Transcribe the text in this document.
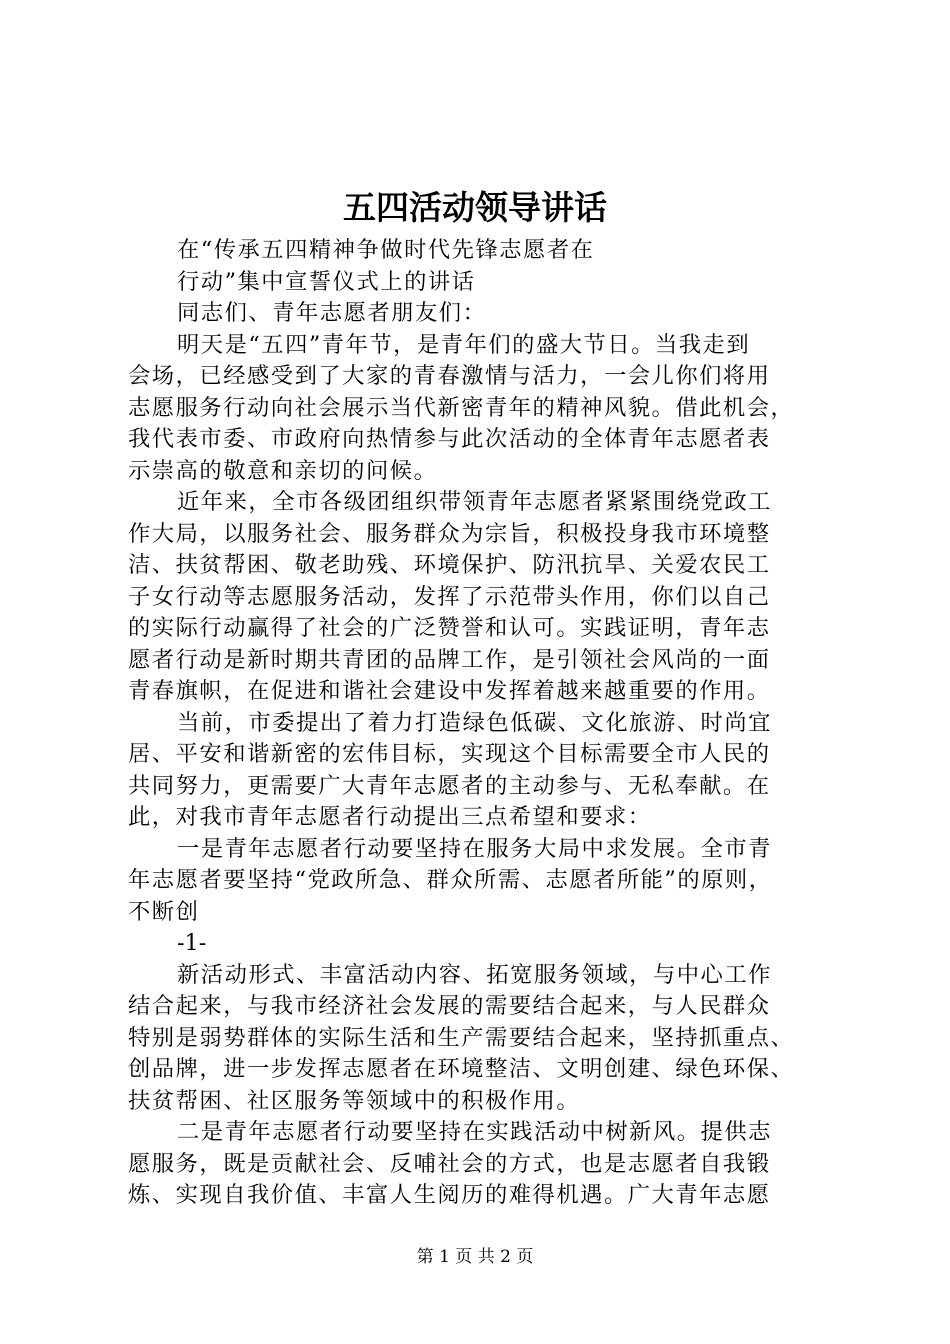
五四活动领导讲话
在“传承五四精神争做时代先锋志愿者在
行动”集中宣誓仪式上的讲话
同志们、青年志愿者朋友们：
明天是“五四”青年节，是青年们的盛大节日。当我走到
会场，已经感受到了大家的青春激情与活力，一会儿你们将用
志愿服务行动向社会展示当代新密青年的精神风貌。借此机会，
我代表市委、市政府向热情参与此次活动的全体青年志愿者表
示崇高的敬意和亲切的问候。
近年来，全市各级团组织带领青年志愿者紧紧围绕党政工
作大局，以服务社会、服务群众为宗旨，积极投身我市环境整
洁、扶贫帮困、敬老助残、环境保护、防汛抗旱、关爱农民工
子女行动等志愿服务活动，发挥了示范带头作用，你们以自己
的实际行动赢得了社会的广泛赞誉和认可。实践证明，青年志
愿者行动是新时期共青团的品牌工作，是引领社会风尚的一面
青春旗帜，在促进和谐社会建设中发挥着越来越重要的作用。
当前，市委提出了着力打造绿色低碳、文化旅游、时尚宜
居、平安和谐新密的宏伟目标，实现这个目标需要全市人民的
共同努力，更需要广大青年志愿者的主动参与、无私奉献。在
此，对我市青年志愿者行动提出三点希望和要求：
一是青年志愿者行动要坚持在服务大局中求发展。全市青
年志愿者要坚持“党政所急、群众所需、志愿者所能”的原则，
不断创
-1-
新活动形式、丰富活动内容、拓宽服务领域，与中心工作
结合起来，与我市经济社会发展的需要结合起来，与人民群众
特别是弱势群体的实际生活和生产需要结合起来，坚持抓重点、
创品牌，进一步发挥志愿者在环境整洁、文明创建、绿色环保、
扶贫帮困、社区服务等领域中的积极作用。
二是青年志愿者行动要坚持在实践活动中树新风。提供志
愿服务，既是贡献社会、反哺社会的方式，也是志愿者自我锻
炼、实现自我价值、丰富人生阅历的难得机遇。广大青年志愿
第 1 页 共 2 页
